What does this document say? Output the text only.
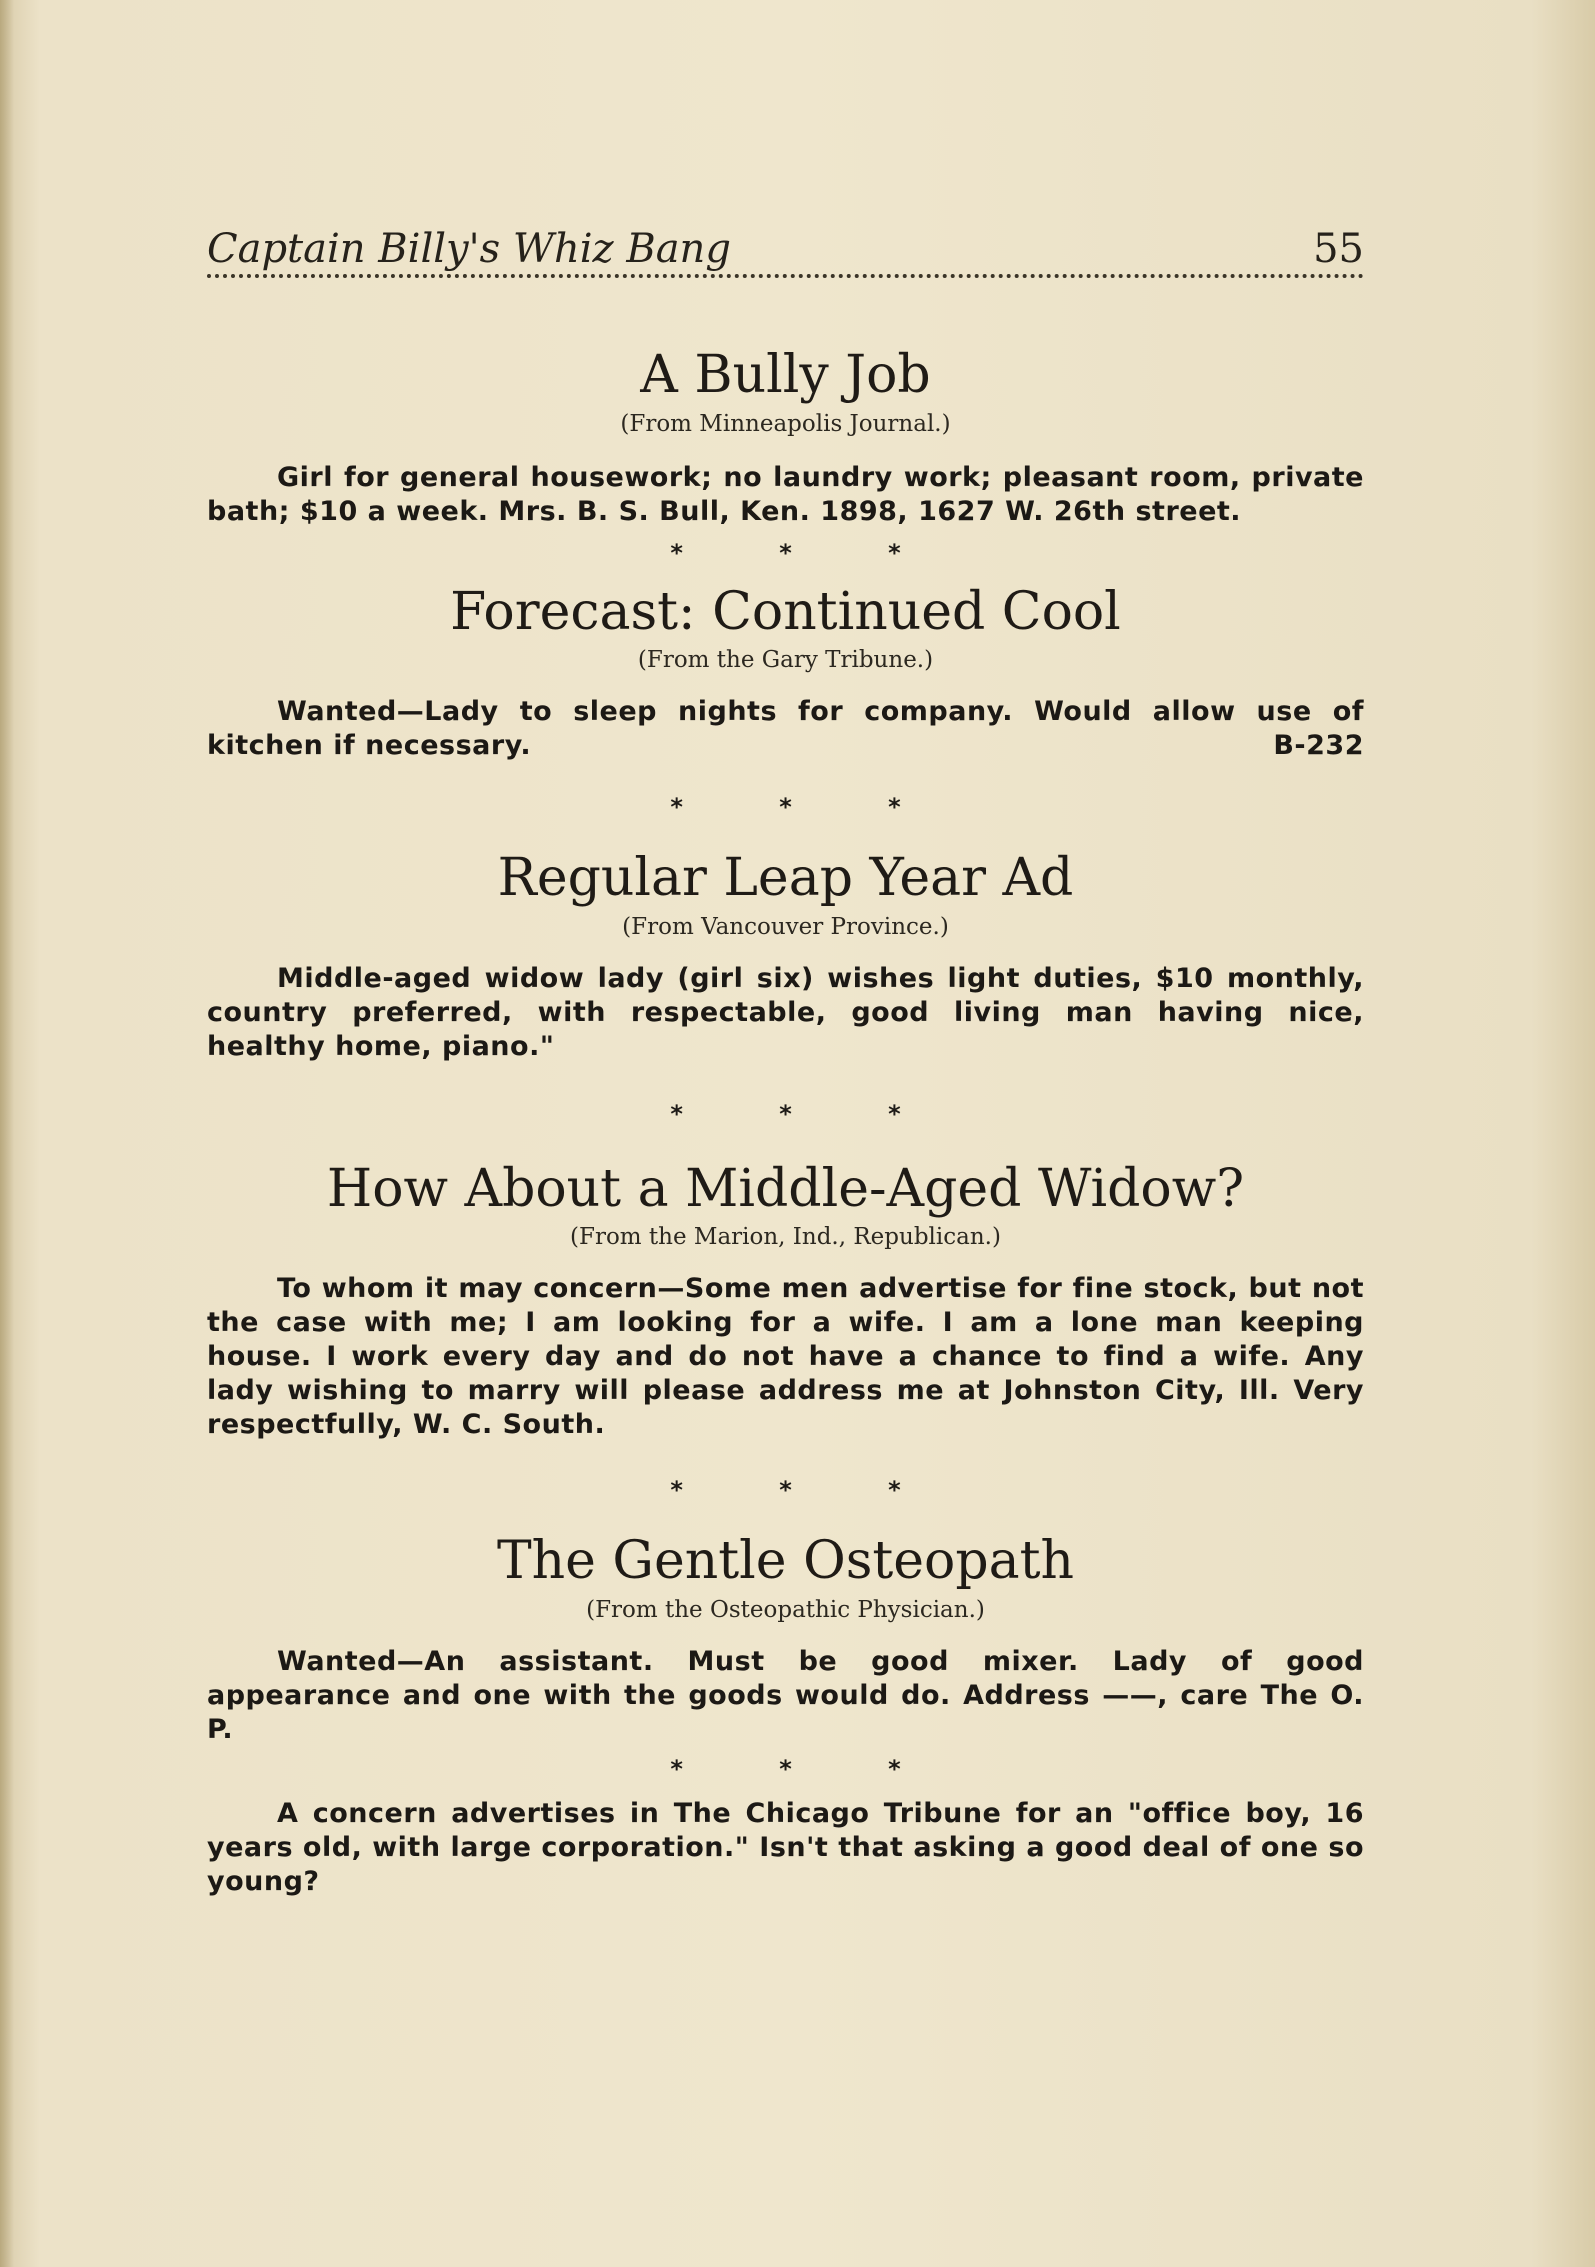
Captain Billy's Whiz Bang	55
A Bully Job

(From Minneapolis Journal.)

Girl for general housework; no laundry work; pleasant room, private bath; $10 a week. Mrs. B. S. Bull, Ken. 1898, 1627 W. 26th street.

* * *
Forecast: Continued Cool

(From the Gary Tribune.)

Wanted—Lady to sleep nights for company. Would allow use of kitchen if necessary.	B-232

* * *
Regular Leap Year Ad

(From Vancouver Province.)

Middle-aged widow lady (girl six) wishes light duties, $10 monthly, country preferred, with respectable, good living man having nice, healthy home, piano."

* * *
How About a Middle-Aged Widow?

(From the Marion, Ind., Republican.)

To whom it may concern—Some men advertise for fine stock, but not the case with me; I am looking for a wife. I am a lone man keeping house. I work every day and do not have a chance to find a wife. Any lady wishing to marry will please address me at Johnston City, Ill. Very respectfully, W. C. South.

* * *
The Gentle Osteopath

(From the Osteopathic Physician.)

Wanted—An assistant. Must be good mixer. Lady of good appearance and one with the goods would do. Address ——, care The O. P.

* * *

A concern advertises in The Chicago Tribune for an "office boy, 16 years old, with large corporation." Isn't that asking a good deal of one so young?
